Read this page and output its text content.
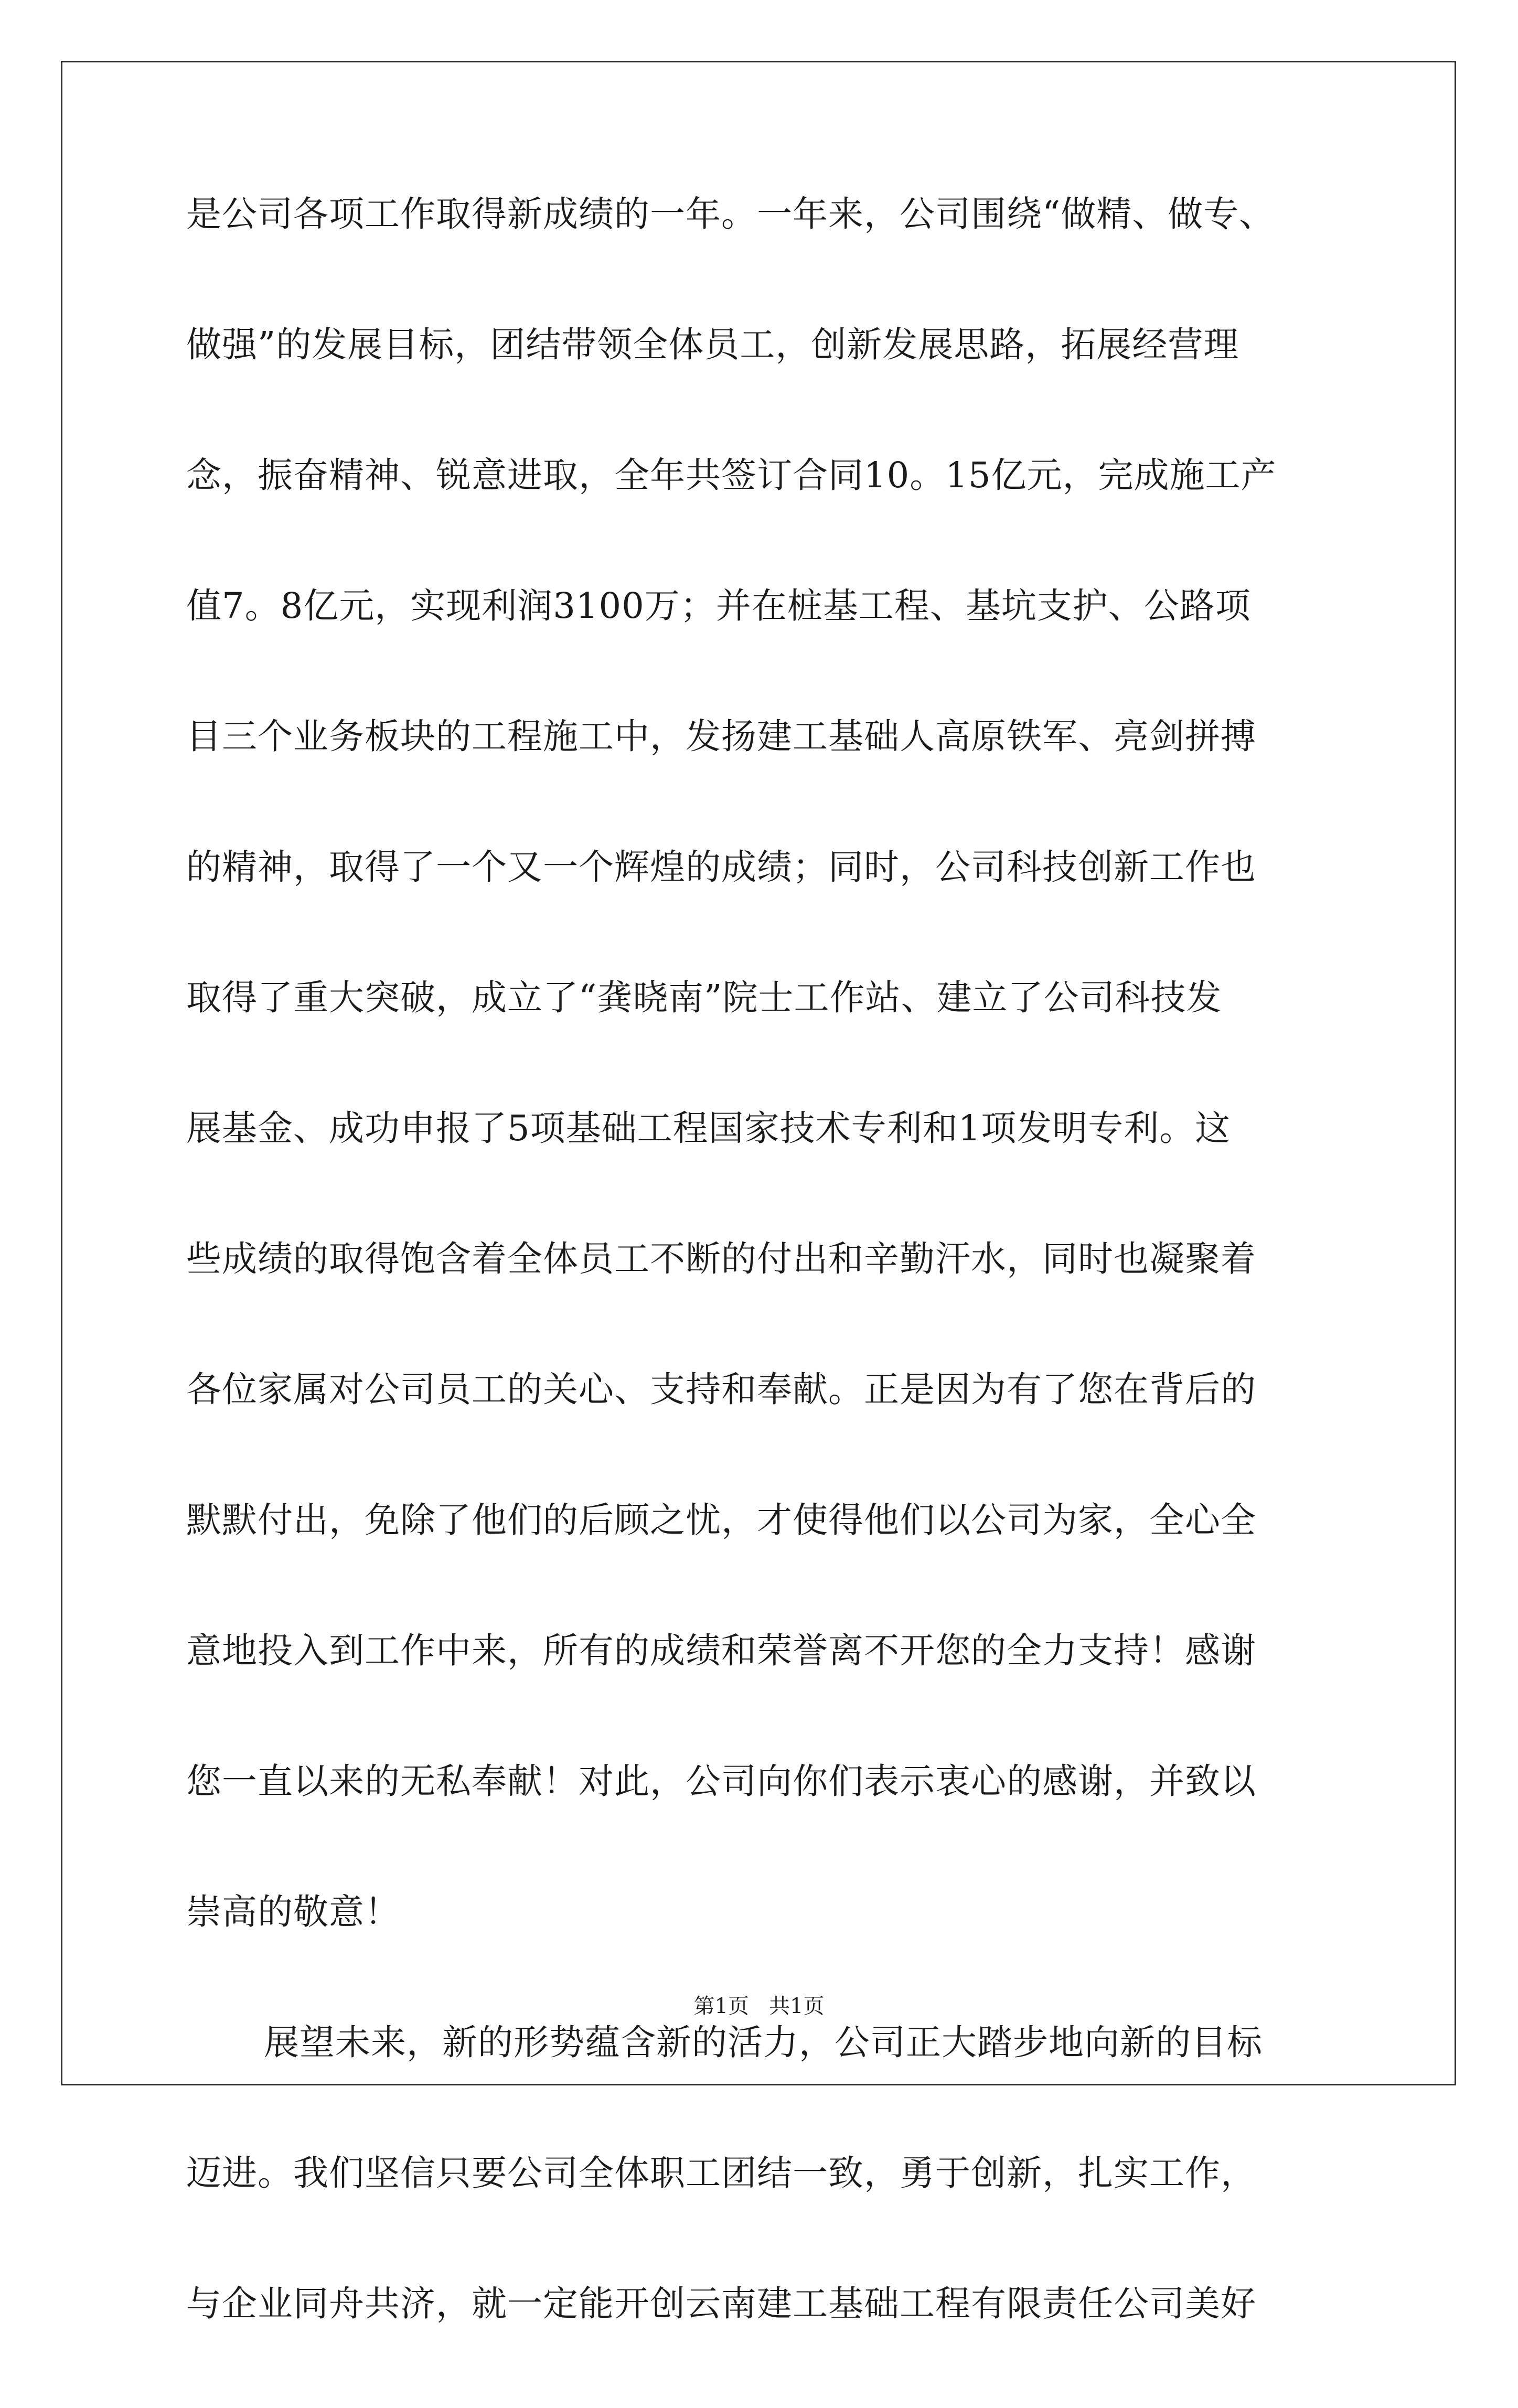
是公司各项工作取得新成绩的一年。一年来，公司围绕“做精、做专、
做强”的发展目标，团结带领全体员工，创新发展思路，拓展经营理
念，振奋精神、锐意进取，全年共签订合同10。15亿元，完成施工产
值7。8亿元，实现利润3100万；并在桩基工程、基坑支护、公路项
目三个业务板块的工程施工中，发扬建工基础人高原铁军、亮剑拼搏
的精神，取得了一个又一个辉煌的成绩；同时，公司科技创新工作也
取得了重大突破，成立了“龚晓南”院士工作站、建立了公司科技发
展基金、成功申报了5项基础工程国家技术专利和1项发明专利。这
些成绩的取得饱含着全体员工不断的付出和辛勤汗水，同时也凝聚着
各位家属对公司员工的关心、支持和奉献。正是因为有了您在背后的
默默付出，免除了他们的后顾之忧，才使得他们以公司为家，全心全
意地投入到工作中来，所有的成绩和荣誉离不开您的全力支持！感谢
您一直以来的无私奉献！对此，公司向你们表示衷心的感谢，并致以
崇高的敬意！
展望未来，新的形势蕴含新的活力，公司正大踏步地向新的目标
迈进。我们坚信只要公司全体职工团结一致，勇于创新，扎实工作，
与企业同舟共济，就一定能开创云南建工基础工程有限责任公司美好
第1页   共1页
